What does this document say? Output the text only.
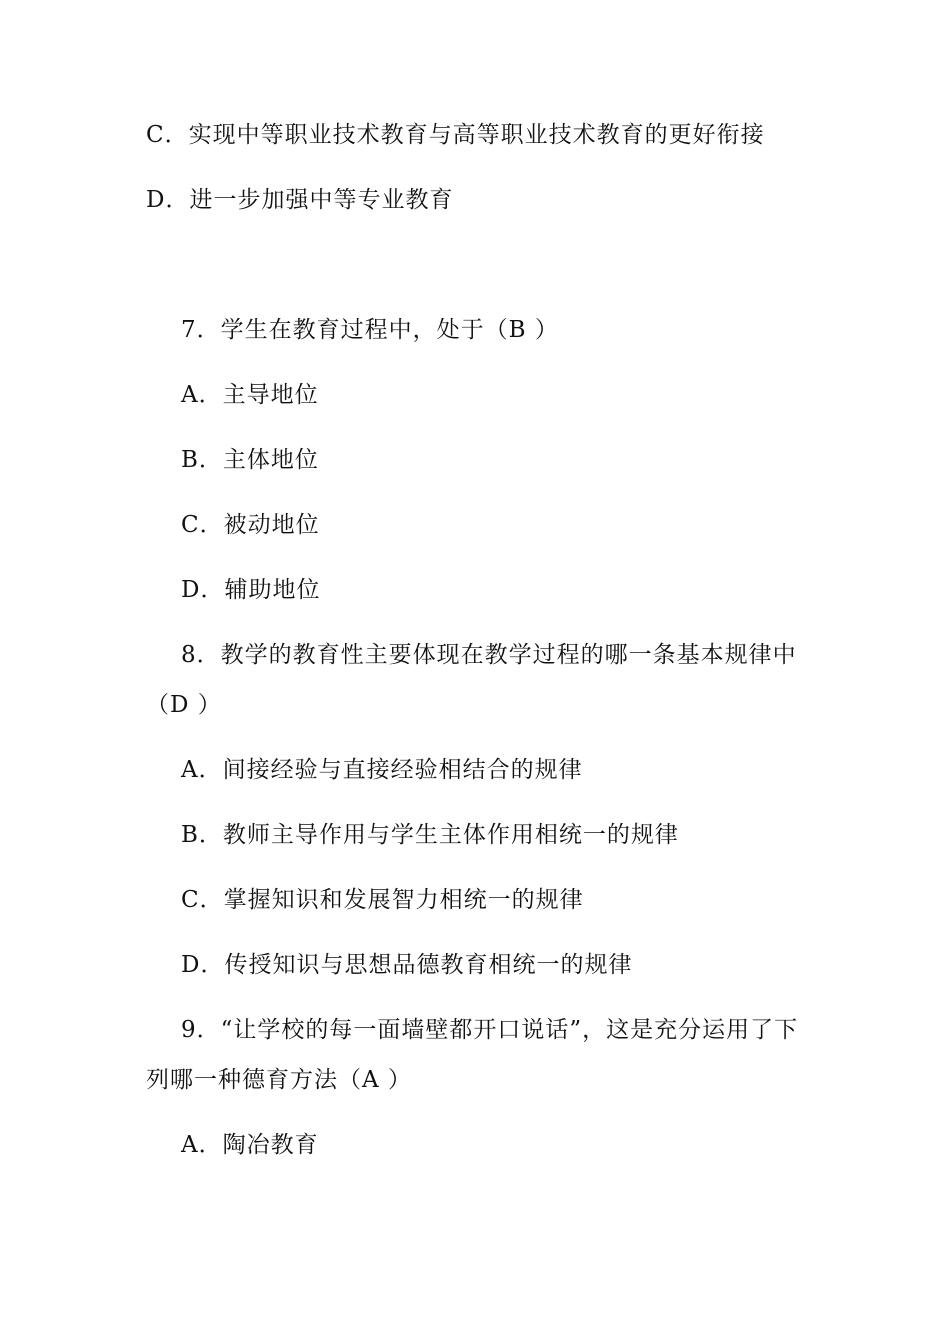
C．实现中等职业技术教育与高等职业技术教育的更好衔接
D．进一步加强中等专业教育
7．学生在教育过程中，处于（B ）
A．主导地位
B．主体地位
C．被动地位
D．辅助地位
8．教学的教育性主要体现在教学过程的哪一条基本规律中
（D ）
A．间接经验与直接经验相结合的规律
B．教师主导作用与学生主体作用相统一的规律
C．掌握知识和发展智力相统一的规律
D．传授知识与思想品德教育相统一的规律
9．“让学校的每一面墙壁都开口说话”，这是充分运用了下
列哪一种德育方法（A ）
A．陶冶教育
